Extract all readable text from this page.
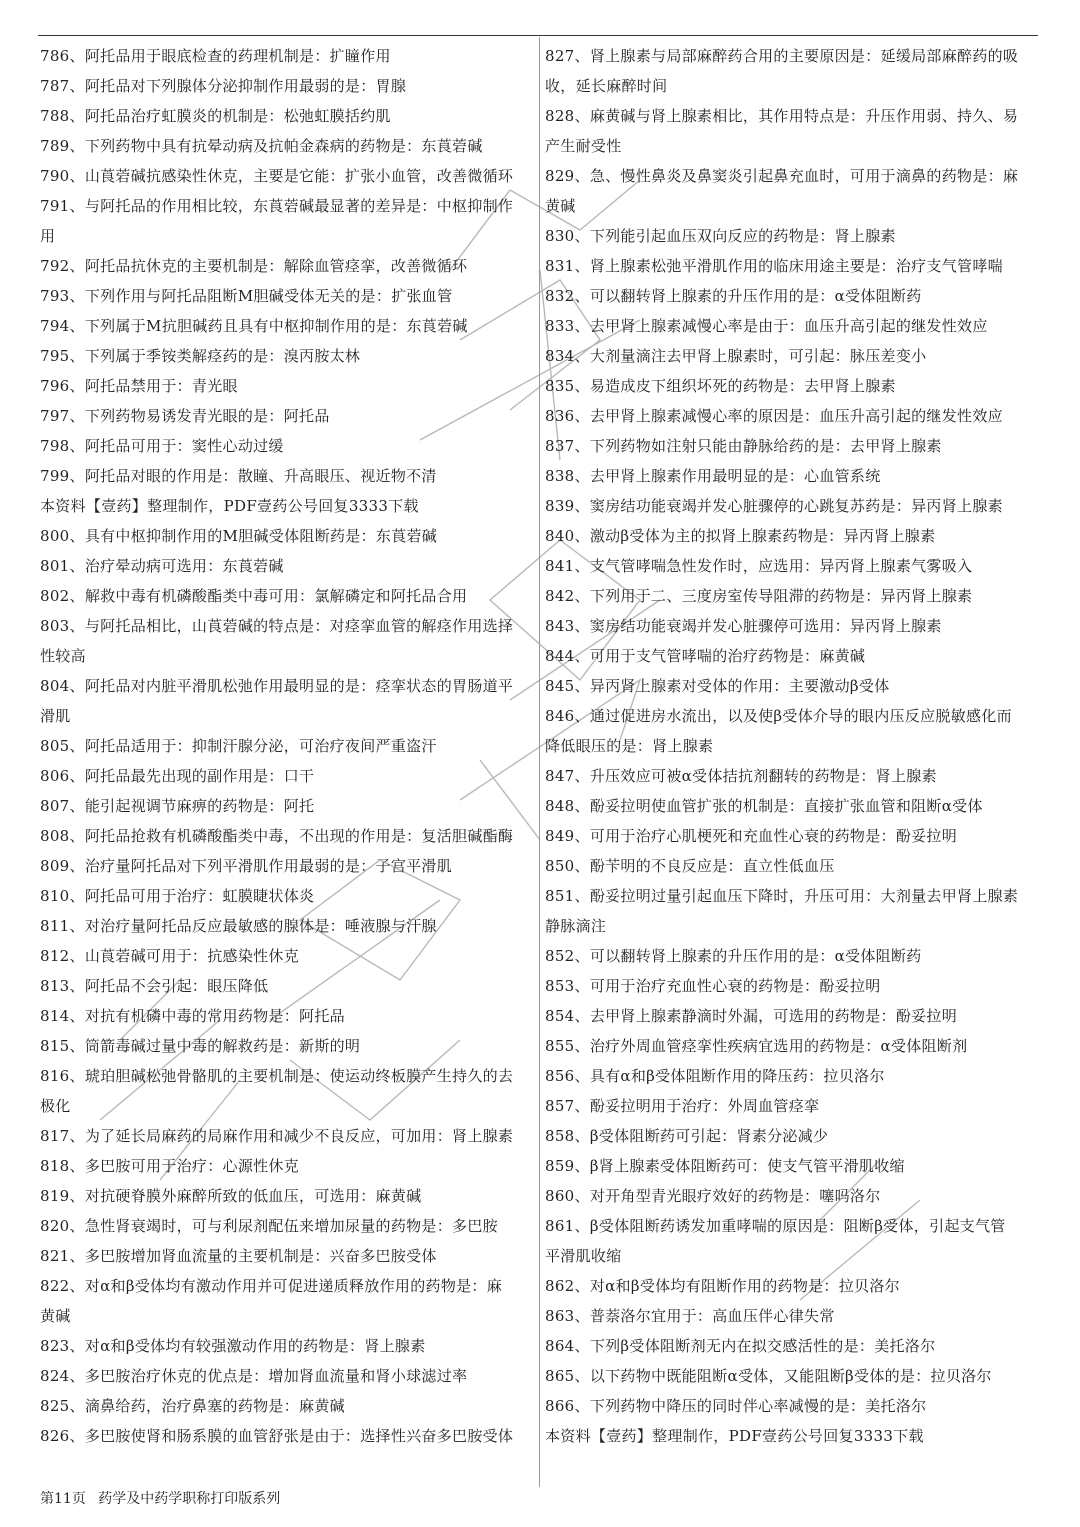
786、阿托品用于眼底检查的药理机制是：扩瞳作用
787、阿托品对下列腺体分泌抑制作用最弱的是：胃腺
788、阿托品治疗虹膜炎的机制是：松弛虹膜括约肌
789、下列药物中具有抗晕动病及抗帕金森病的药物是：东莨菪碱
790、山莨菪碱抗感染性休克，主要是它能：扩张小血管，改善微循环
791、与阿托品的作用相比较，东莨菪碱最显著的差异是：中枢抑制作
用
792、阿托品抗休克的主要机制是：解除血管痉挛，改善微循环
793、下列作用与阿托品阻断M胆碱受体无关的是：扩张血管
794、下列属于M抗胆碱药且具有中枢抑制作用的是：东莨菪碱
795、下列属于季铵类解痉药的是：溴丙胺太林
796、阿托品禁用于：青光眼
797、下列药物易诱发青光眼的是：阿托品
798、阿托品可用于：窦性心动过缓
799、阿托品对眼的作用是：散瞳、升高眼压、视近物不清
本资料【壹药】整理制作，PDF壹药公号回复3333下载
800、具有中枢抑制作用的M胆碱受体阻断药是：东莨菪碱
801、治疗晕动病可选用：东莨菪碱
802、解救中毒有机磷酸酯类中毒可用：氯解磷定和阿托品合用
803、与阿托品相比，山莨菪碱的特点是：对痉挛血管的解痉作用选择
性较高
804、阿托品对内脏平滑肌松弛作用最明显的是：痉挛状态的胃肠道平
滑肌
805、阿托品适用于：抑制汗腺分泌，可治疗夜间严重盗汗
806、阿托品最先出现的副作用是：口干
807、能引起视调节麻痹的药物是：阿托
808、阿托品抢救有机磷酸酯类中毒，不出现的作用是：复活胆碱酯酶
809、治疗量阿托品对下列平滑肌作用最弱的是：子宫平滑肌
810、阿托品可用于治疗：虹膜睫状体炎
811、对治疗量阿托品反应最敏感的腺体是：唾液腺与汗腺
812、山莨菪碱可用于：抗感染性休克
813、阿托品不会引起：眼压降低
814、对抗有机磷中毒的常用药物是：阿托品
815、筒箭毒碱过量中毒的解救药是：新斯的明
816、琥珀胆碱松弛骨骼肌的主要机制是：使运动终板膜产生持久的去
极化
817、为了延长局麻药的局麻作用和减少不良反应，可加用：肾上腺素
818、多巴胺可用于治疗：心源性休克
819、对抗硬脊膜外麻醉所致的低血压，可选用：麻黄碱
820、急性肾衰竭时，可与利尿剂配伍来增加尿量的药物是：多巴胺
821、多巴胺增加肾血流量的主要机制是：兴奋多巴胺受体
822、对α和β受体均有激动作用并可促进递质释放作用的药物是：麻
黄碱
823、对α和β受体均有较强激动作用的药物是：肾上腺素
824、多巴胺治疗休克的优点是：增加肾血流量和肾小球滤过率
825、滴鼻给药，治疗鼻塞的药物是：麻黄碱
826、多巴胺使肾和肠系膜的血管舒张是由于：选择性兴奋多巴胺受体
827、肾上腺素与局部麻醉药合用的主要原因是：延缓局部麻醉药的吸
收，延长麻醉时间
828、麻黄碱与肾上腺素相比，其作用特点是：升压作用弱、持久、易
产生耐受性
829、急、慢性鼻炎及鼻窦炎引起鼻充血时，可用于滴鼻的药物是：麻
黄碱
830、下列能引起血压双向反应的药物是：肾上腺素
831、肾上腺素松弛平滑肌作用的临床用途主要是：治疗支气管哮喘
832、可以翻转肾上腺素的升压作用的是：α受体阻断药
833、去甲肾上腺素减慢心率是由于：血压升高引起的继发性效应
834、大剂量滴注去甲肾上腺素时，可引起：脉压差变小
835、易造成皮下组织坏死的药物是：去甲肾上腺素
836、去甲肾上腺素减慢心率的原因是：血压升高引起的继发性效应
837、下列药物如注射只能由静脉给药的是：去甲肾上腺素
838、去甲肾上腺素作用最明显的是：心血管系统
839、窦房结功能衰竭并发心脏骤停的心跳复苏药是：异丙肾上腺素
840、激动β受体为主的拟肾上腺素药物是：异丙肾上腺素
841、支气管哮喘急性发作时，应选用：异丙肾上腺素气雾吸入
842、下列用于二、三度房室传导阻滞的药物是：异丙肾上腺素
843、窦房结功能衰竭并发心脏骤停可选用：异丙肾上腺素
844、可用于支气管哮喘的治疗药物是：麻黄碱
845、异丙肾上腺素对受体的作用：主要激动β受体
846、通过促进房水流出，以及使β受体介导的眼内压反应脱敏感化而
降低眼压的是：肾上腺素
847、升压效应可被α受体拮抗剂翻转的药物是：肾上腺素
848、酚妥拉明使血管扩张的机制是：直接扩张血管和阻断α受体
849、可用于治疗心肌梗死和充血性心衰的药物是：酚妥拉明
850、酚苄明的不良反应是：直立性低血压
851、酚妥拉明过量引起血压下降时，升压可用：大剂量去甲肾上腺素
静脉滴注
852、可以翻转肾上腺素的升压作用的是：α受体阻断药
853、可用于治疗充血性心衰的药物是：酚妥拉明
854、去甲肾上腺素静滴时外漏，可选用的药物是：酚妥拉明
855、治疗外周血管痉挛性疾病宜选用的药物是：α受体阻断剂
856、具有α和β受体阻断作用的降压药：拉贝洛尔
857、酚妥拉明用于治疗：外周血管痉挛
858、β受体阻断药可引起：肾素分泌减少
859、β肾上腺素受体阻断药可：使支气管平滑肌收缩
860、对开角型青光眼疗效好的药物是：噻吗洛尔
861、β受体阻断药诱发加重哮喘的原因是：阻断β受体，引起支气管
平滑肌收缩
862、对α和β受体均有阻断作用的药物是：拉贝洛尔
863、普萘洛尔宜用于：高血压伴心律失常
864、下列β受体阻断剂无内在拟交感活性的是：美托洛尔
865、以下药物中既能阻断α受体，又能阻断β受体的是：拉贝洛尔
866、下列药物中降压的同时伴心率减慢的是：美托洛尔
本资料【壹药】整理制作，PDF壹药公号回复3333下载
第11页 药学及中药学职称打印版系列
